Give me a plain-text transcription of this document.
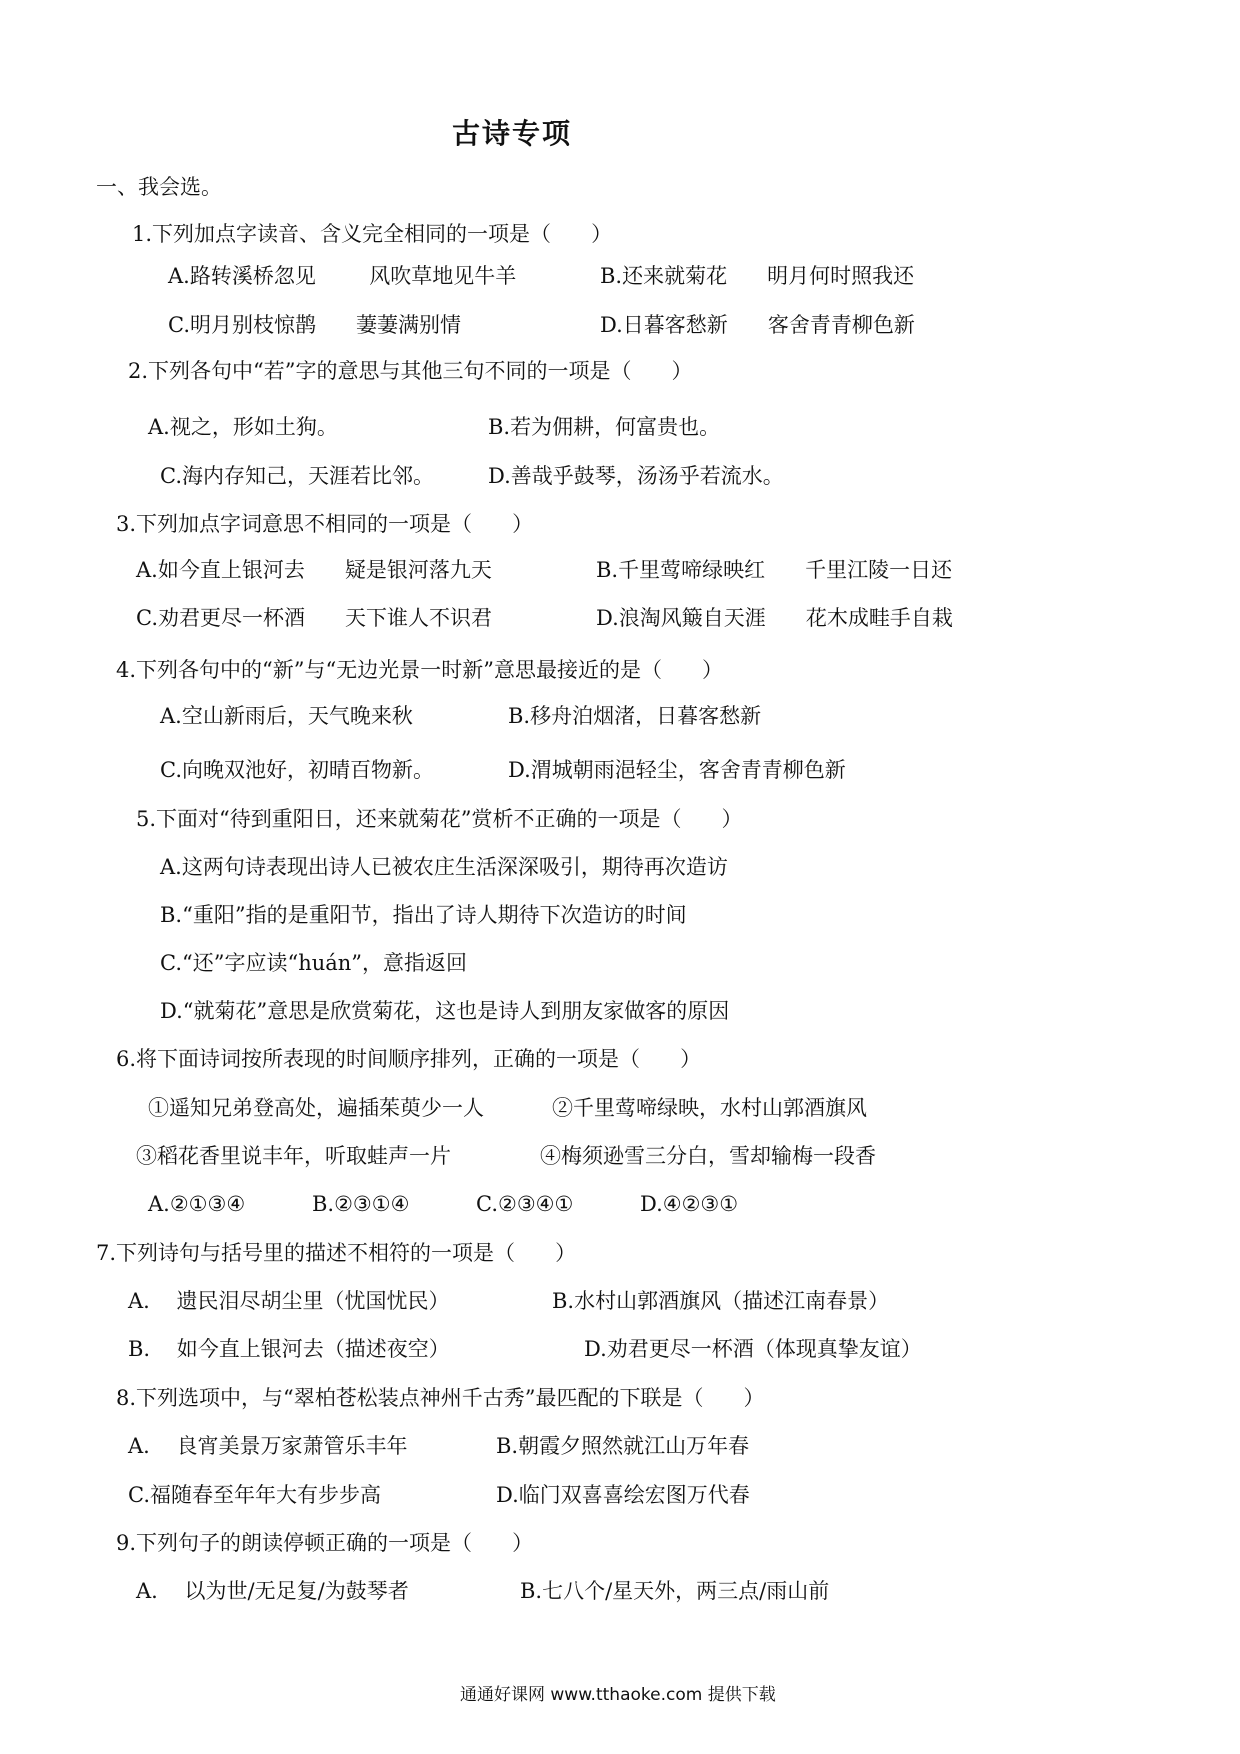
古诗专项
一、我会选。
1.下列加点字读音、含义完全相同的一项是（      ）
A.路转溪桥忽见        风吹草地见牛羊	B.还来就菊花      明月何时照我还
C.明月别枝惊鹊      萋萋满别情	D.日暮客愁新      客舍青青柳色新
2.下列各句中“若”字的意思与其他三句不同的一项是（      ）
A.视之，形如土狗。	B.若为佣耕，何富贵也。
C.海内存知己，天涯若比邻。	D.善哉乎鼓琴，汤汤乎若流水。
3.下列加点字词意思不相同的一项是（      ）
A.如今直上银河去      疑是银河落九天	B.千里莺啼绿映红      千里江陵一日还
C.劝君更尽一杯酒      天下谁人不识君	D.浪淘风簸自天涯      花木成畦手自栽
4.下列各句中的“新”与“无边光景一时新”意思最接近的是（      ）
A.空山新雨后，天气晚来秋	B.移舟泊烟渚，日暮客愁新
C.向晚双池好，初晴百物新。	D.渭城朝雨浥轻尘，客舍青青柳色新
5.下面对“待到重阳日，还来就菊花”赏析不正确的一项是（      ）
A.这两句诗表现出诗人已被农庄生活深深吸引，期待再次造访
B.“重阳”指的是重阳节，指出了诗人期待下次造访的时间
C.“还”字应读“huán”，意指返回
D.“就菊花”意思是欣赏菊花，这也是诗人到朋友家做客的原因
6.将下面诗词按所表现的时间顺序排列，正确的一项是（      ）
①遥知兄弟登高处，遍插茱萸少一人	②千里莺啼绿映，水村山郭酒旗风
③稻花香里说丰年，听取蛙声一片	④梅须逊雪三分白，雪却输梅一段香
A.②①③④	B.②③①④	C.②③④①	D.④②③①
7.下列诗句与括号里的描述不相符的一项是（      ）
A.    遗民泪尽胡尘里（忧国忧民）	B.水村山郭酒旗风（描述江南春景）
B.    如今直上银河去（描述夜空）	D.劝君更尽一杯酒（体现真挚友谊）
8.下列选项中，与“翠柏苍松装点神州千古秀”最匹配的下联是（      ）
A.    良宵美景万家萧管乐丰年	B.朝霞夕照然就江山万年春
C.福随春至年年大有步步高	D.临门双喜喜绘宏图万代春
9.下列句子的朗读停顿正确的一项是（      ）
A.    以为世/无足复/为鼓琴者	B.七八个/星天外，两三点/雨山前
通通好课网 www.tthaoke.com 提供下载
